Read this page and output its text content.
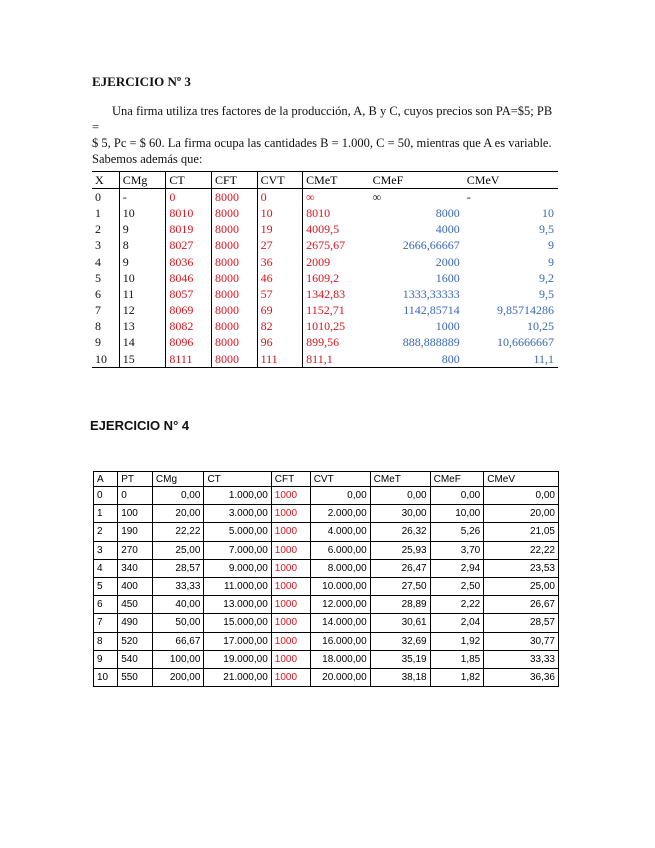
EJERCICIO Nº 3

Una firma utiliza tres factores de la producción, A, B y C, cuyos precios son PA=$5; PB =

$ 5, Pc = $ 60. La firma ocupa las cantidades B = 1.000, C = 50, mientras que A es variable.

Sabemos además que:

X	CMg	CT	CFT	CVT	CMeT	CMeF	CMeV
0	-	0	8000	0	∞	∞	-
1	10	8010	8000	10	8010	8000	10
2	9	8019	8000	19	4009,5	4000	9,5
3	8	8027	8000	27	2675,67	2666,66667	9
4	9	8036	8000	36	2009	2000	9
5	10	8046	8000	46	1609,2	1600	9,2
6	11	8057	8000	57	1342,83	1333,33333	9,5
7	12	8069	8000	69	1152,71	1142,85714	9,85714286
8	13	8082	8000	82	1010,25	1000	10,25
9	14	8096	8000	96	899,56	888,888889	10,6666667
10	15	8111	8000	111	811,1	800	11,1
EJERCICIO N° 4
A	PT	CMg	CT	CFT	CVT	CMeT	CMeF	CMeV
0	0	0,00	1.000,00	1000	0,00	0,00	0,00	0,00
1	100	20,00	3.000,00	1000	2.000,00	30,00	10,00	20,00
2	190	22,22	5.000,00	1000	4.000,00	26,32	5,26	21,05
3	270	25,00	7.000,00	1000	6.000,00	25,93	3,70	22,22
4	340	28,57	9.000,00	1000	8.000,00	26,47	2,94	23,53
5	400	33,33	11.000,00	1000	10.000,00	27,50	2,50	25,00
6	450	40,00	13.000,00	1000	12.000,00	28,89	2,22	26,67
7	490	50,00	15.000,00	1000	14.000,00	30,61	2,04	28,57
8	520	66,67	17.000,00	1000	16.000,00	32,69	1,92	30,77
9	540	100,00	19.000,00	1000	18.000,00	35,19	1,85	33,33
10	550	200,00	21.000,00	1000	20.000,00	38,18	1,82	36,36
